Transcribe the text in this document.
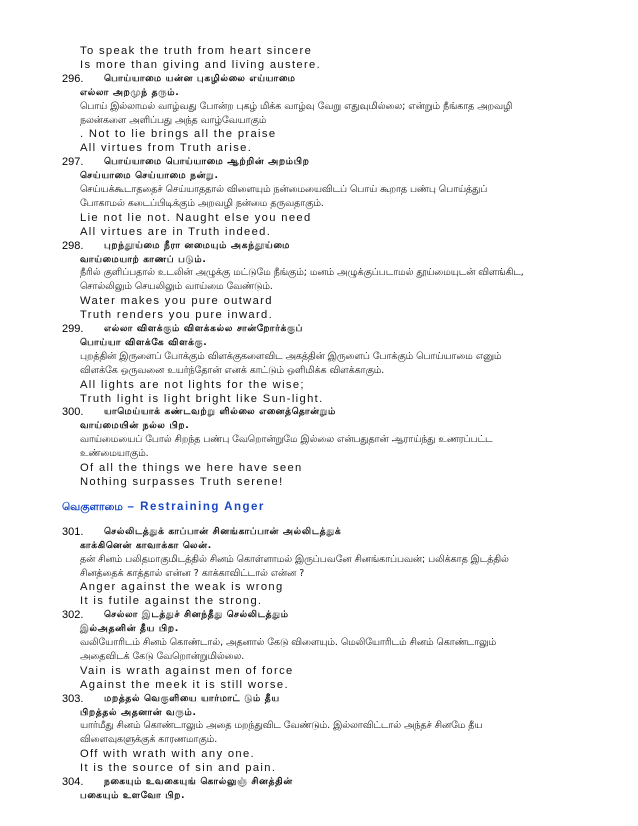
To speak the truth from heart sincere
Is more than giving and living austere.
296. பொய்யாமை யன்ன புகழில்லை எய்யாமை
எல்லா அறமுந் தரும்.
பொய் இல்லாமல் வாழ்வது போன்ற புகழ் மிக்க வாழ்வு வேறு எதுவுமில்லை; என்றும் நீங்காத அறவழி
நலன்களை அளிப்பது அந்த வாழ்வேயாகும்
. Not to lie brings all the praise
All virtues from Truth arise.
297. பொய்யாமை பொய்யாமை ஆற்றின் அறம்பிற
செய்யாமை செய்யாமை நன்று.
செய்யக்கூடாததைச் செய்யாததால் விளையும் நன்மையைவிடப் பொய் கூறாத பண்பு பொய்த்துப்
போகாமல் கடைப்பிடிக்கும் அறவழி நன்மை தருவதாகும்.
Lie not lie not. Naught else you need
All virtues are in Truth indeed.
298. புறந்தூய்மை நீரா னமையும் அகந்தூய்மை
வாய்மையாற் காணப் படும்.
நீரில் குளிப்பதால் உடலின் அழுக்கு மட்டுமே நீங்கும்; மனம் அழுக்குப்படாமல் தூய்மையுடன் விளங்கிட,
சொல்லிலும் செயலிலும் வாய்மை வேண்டும்.
Water makes you pure outward
Truth renders you pure inward.
299. எல்லா விளக்கும் விளக்கல்ல சான்றோர்க்குப்
பொய்யா விளக்கே விளக்கு.
புறத்தின் இருளைப் போக்கும் விளக்குகளைவிட அகத்தின் இருளைப் போக்கும் பொய்யாமை எனும்
விளக்கே ஒருவனை உயர்ந்தோன் எனக் காட்டும் ஒளிமிக்க விளக்காகும்.
All lights are not lights for the wise;
Truth light is light bright like Sun-light.
300. யாமெய்யாக் கண்டவற்று ளில்லை எனைத்தொன்றும்
வாய்மையின் நல்ல பிற.
வாய்மையைப் போல் சிறந்த பண்பு வேறொன்றுமே இல்லை என்பதுதான் ஆராய்ந்து உணரப்பட்ட
உண்மையாகும்.
Of all the things we here have seen
Nothing surpasses Truth serene!
வெகுளாமை – Restraining Anger
301. செல்லிடத்துக் காப்பான் சினங்காப்பான் அல்லிடத்துக்
காக்கினென் காவாக்கா லென்.
தன் சினம் பலிதமாகுமிடத்தில் சினம் கொள்ளாமல் இருப்பவனே சினங்காப்பவன்; பலிக்காத இடத்தில்
சினத்தைக் காத்தால் என்ன ? காக்காவிட்டால் என்ன ?
Anger against the weak is wrong
It is futile against the strong.
302. செல்லா இடத்துச் சினந்தீது செல்லிடத்தும்
இல்அதனின் தீய பிற.
வலியோரிடம் சினம் கொண்டால், அதனால் கேடு விளையும். மெலியோரிடம் சினம் கொண்டாலும்
அதைவிடக் கேடு வேறொன்றுமில்லை.
Vain is wrath against men of force
Against the meek it is still worse.
303. மறத்தல் வெகுளியை யார்மாட் டும் தீய
பிறத்தல் அதனான் வரும்.
யார்மீது சினம் கொண்டாலும் அதை மறந்துவிட வேண்டும். இல்லாவிட்டால் அந்தச் சினமே தீய
விளைவுகளுக்குக் காரணமாகும்.
Off with wrath with any one.
It is the source of sin and pain.
304. நகையும் உவகையுங் கொல்லுஞ் சினத்தின்
பகையும் உளவோ பிற.
